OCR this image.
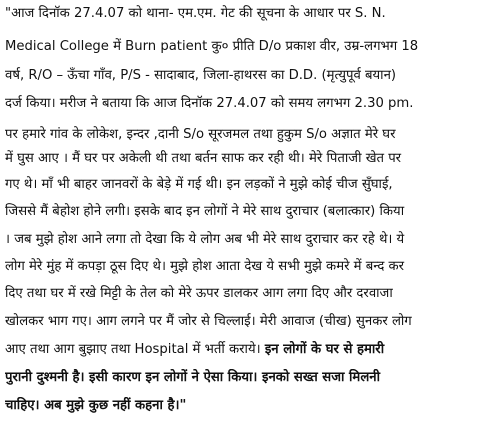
"आज दिनॉक 27.4.07 को थाना- एम.एम. गेट की सूचना के आधार पर S. N.
Medical College में Burn patient कु० प्रीति D/o प्रकाश वीर, उम्र-लगभग 18
वर्ष, R/O – ऊँचा गाँव, P/S - सादाबाद, जिला-हाथरस का D.D. (मृत्युपूर्व बयान)
दर्ज किया। मरीज ने बताया कि आज दिनॉक 27.4.07 को समय लगभग 2.30 pm.
पर हमारे गांव के लोकेश, इन्दर ,दानी S/o सूरजमल तथा हुकुम S/o अज्ञात मेरे घर
में घुस आए । मैं घर पर अकेली थी तथा बर्तन साफ कर रही थी। मेरे पिताजी खेत पर
गए थे। माँ भी बाहर जानवरों के बेड़े में गई थी। इन लड़कों ने मुझे कोई चीज सुँघाई,
जिससे मैं बेहोश होने लगी। इसके बाद इन लोगों ने मेरे साथ दुराचार (बलात्कार) किया
। जब मुझे होश आने लगा तो देखा कि ये लोग अब भी मेरे साथ दुराचार कर रहे थे। ये
लोग मेरे मुंह में कपड़ा ठूस दिए थे। मुझे होश आता देख ये सभी मुझे कमरे में बन्द कर
दिए तथा घर में रखे मिट्टी के तेल को मेरे ऊपर डालकर आग लगा दिए और दरवाजा
खोलकर भाग गए। आग लगने पर मैं जोर से चिल्लाई। मेरी आवाज (चीख) सुनकर लोग
आए तथा आग बुझाए तथा Hospital में भर्ती कराये। इन लोगों के घर से हमारी
पुरानी दुश्मनी है। इसी कारण इन लोगों ने ऐसा किया। इनको सख्त सजा मिलनी
चाहिए। अब मुझे कुछ नहीं कहना है।"
